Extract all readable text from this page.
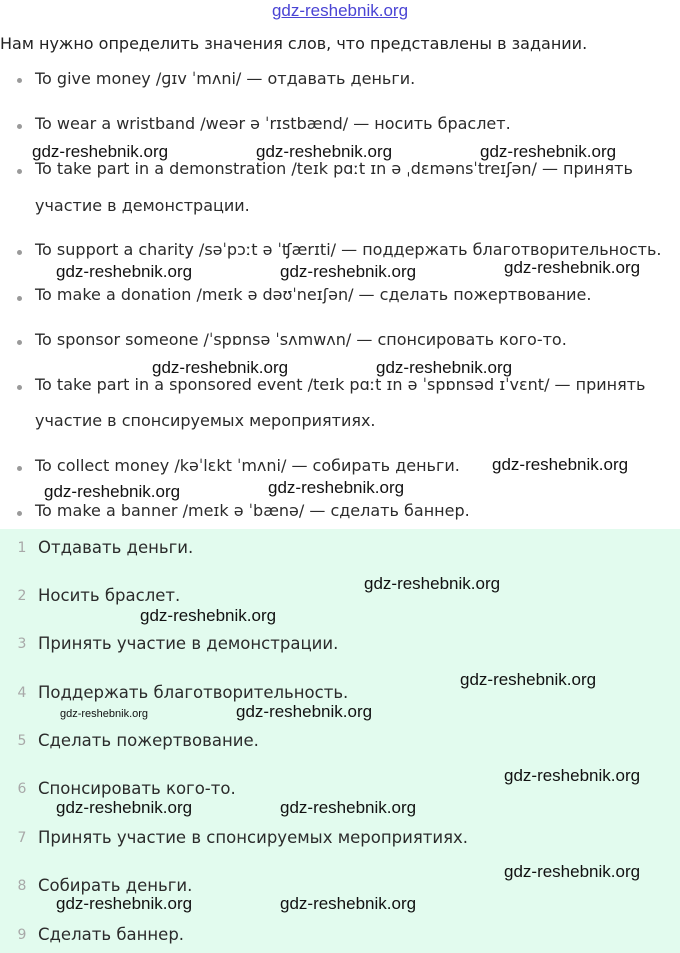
gdz-reshebnik.org
Нам нужно определить значения слов, что представлены в задании.
To give money /ɡɪv ˈmʌni/ — отдавать деньги.
To wear a wristband /weər ə ˈrɪstbænd/ — носить браслет.
To take part in a demonstration /teɪk pɑːt ɪn ə ˌdɛmənsˈtreɪʃən/ — принять
участие в демонстрации.
To support a charity /səˈpɔːt ə ˈʧærɪti/ — поддержать благотворительность.
To make a donation /meɪk ə dəʊˈneɪʃən/ — сделать пожертвование.
To sponsor someone /ˈspɒnsə ˈsʌmwʌn/ — спонсировать кого-то.
To take part in a sponsored event /teɪk pɑːt ɪn ə ˈspɒnsəd ɪˈvɛnt/ — принять
участие в спонсируемых мероприятиях.
To collect money /kəˈlɛkt ˈmʌni/ — собирать деньги.
To make a banner /meɪk ə ˈbænə/ — сделать баннер.
1 Отдавать деньги.
2 Носить браслет.
3 Принять участие в демонстрации.
4 Поддержать благотворительность.
5 Сделать пожертвование.
6 Спонсировать кого-то.
7 Принять участие в спонсируемых мероприятиях.
8 Собирать деньги.
9 Сделать баннер.
gdz-reshebnik.org	gdz-reshebnik.org	gdz-reshebnik.org
gdz-reshebnik.org	gdz-reshebnik.org	gdz-reshebnik.org
gdz-reshebnik.org	gdz-reshebnik.org
gdz-reshebnik.org
gdz-reshebnik.org	gdz-reshebnik.org
gdz-reshebnik.org
gdz-reshebnik.org
gdz-reshebnik.org
gdz-reshebnik.org	gdz-reshebnik.org
gdz-reshebnik.org
gdz-reshebnik.org	gdz-reshebnik.org
gdz-reshebnik.org
gdz-reshebnik.org	gdz-reshebnik.org
